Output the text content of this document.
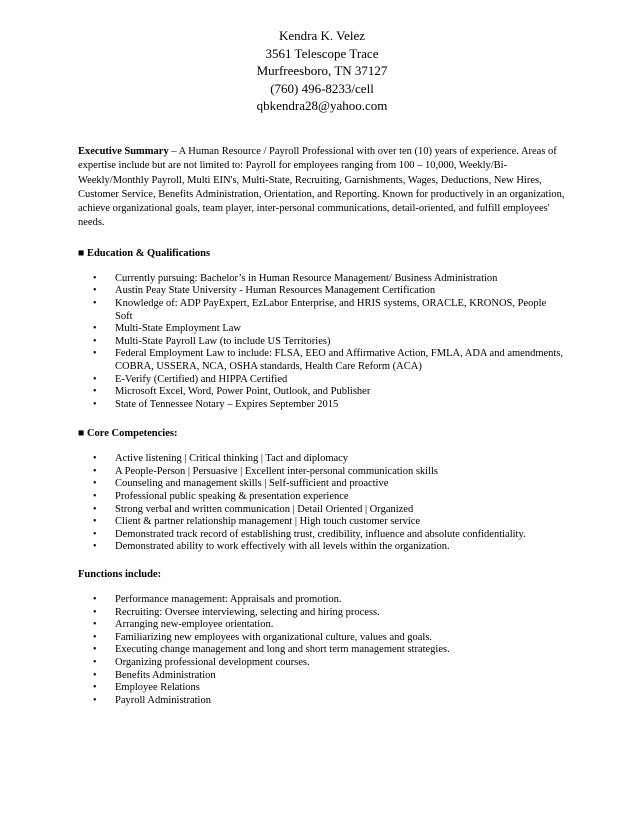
Kendra K. Velez
3561 Telescope Trace
Murfreesboro, TN 37127
(760) 496-8233/cell
qbkendra28@yahoo.com
Executive Summary – A Human Resource / Payroll Professional with over ten (10) years of experience. Areas of expertise include but are not limited to: Payroll for employees ranging from 100 – 10,000, Weekly/Bi-Weekly/Monthly Payroll, Multi EIN's, Multi-State, Recruiting, Garnishments, Wages, Deductions, New Hires, Customer Service, Benefits Administration, Orientation, and Reporting. Known for productively in an organization, achieve organizational goals, team player, inter-personal communications, detail-oriented, and fulfill employees' needs.
■ Education & Qualifications
• Currently pursuing: Bachelor’s in Human Resource Management/ Business Administration
• Austin Peay State University - Human Resources Management Certification
• Knowledge of: ADP PayExpert, EzLabor Enterprise, and HRIS systems, ORACLE, KRONOS, People Soft
• Multi-State Employment Law
• Multi-State Payroll Law (to include US Territories)
• Federal Employment Law to include: FLSA, EEO and Affirmative Action, FMLA, ADA and amendments, COBRA, USSERA, NCA, OSHA standards, Health Care Reform (ACA)
• E-Verify (Certified) and HIPPA Certified
• Microsoft Excel, Word, Power Point, Outlook, and Publisher
• State of Tennessee Notary – Expires September 2015
■ Core Competencies:
• Active listening | Critical thinking | Tact and diplomacy
• A People-Person | Persuasive | Excellent inter-personal communication skills
• Counseling and management skills | Self-sufficient and proactive
• Professional public speaking & presentation experience
• Strong verbal and written communication | Detail Oriented | Organized
• Client & partner relationship management | High touch customer service
• Demonstrated track record of establishing trust, credibility, influence and absolute confidentiality.
• Demonstrated ability to work effectively with all levels within the organization.
Functions include:
• Performance management: Appraisals and promotion.
• Recruiting: Oversee interviewing, selecting and hiring process.
• Arranging new-employee orientation.
• Familiarizing new employees with organizational culture, values and goals.
• Executing change management and long and short term management strategies.
• Organizing professional development courses.
• Benefits Administration
• Employee Relations
• Payroll Administration
